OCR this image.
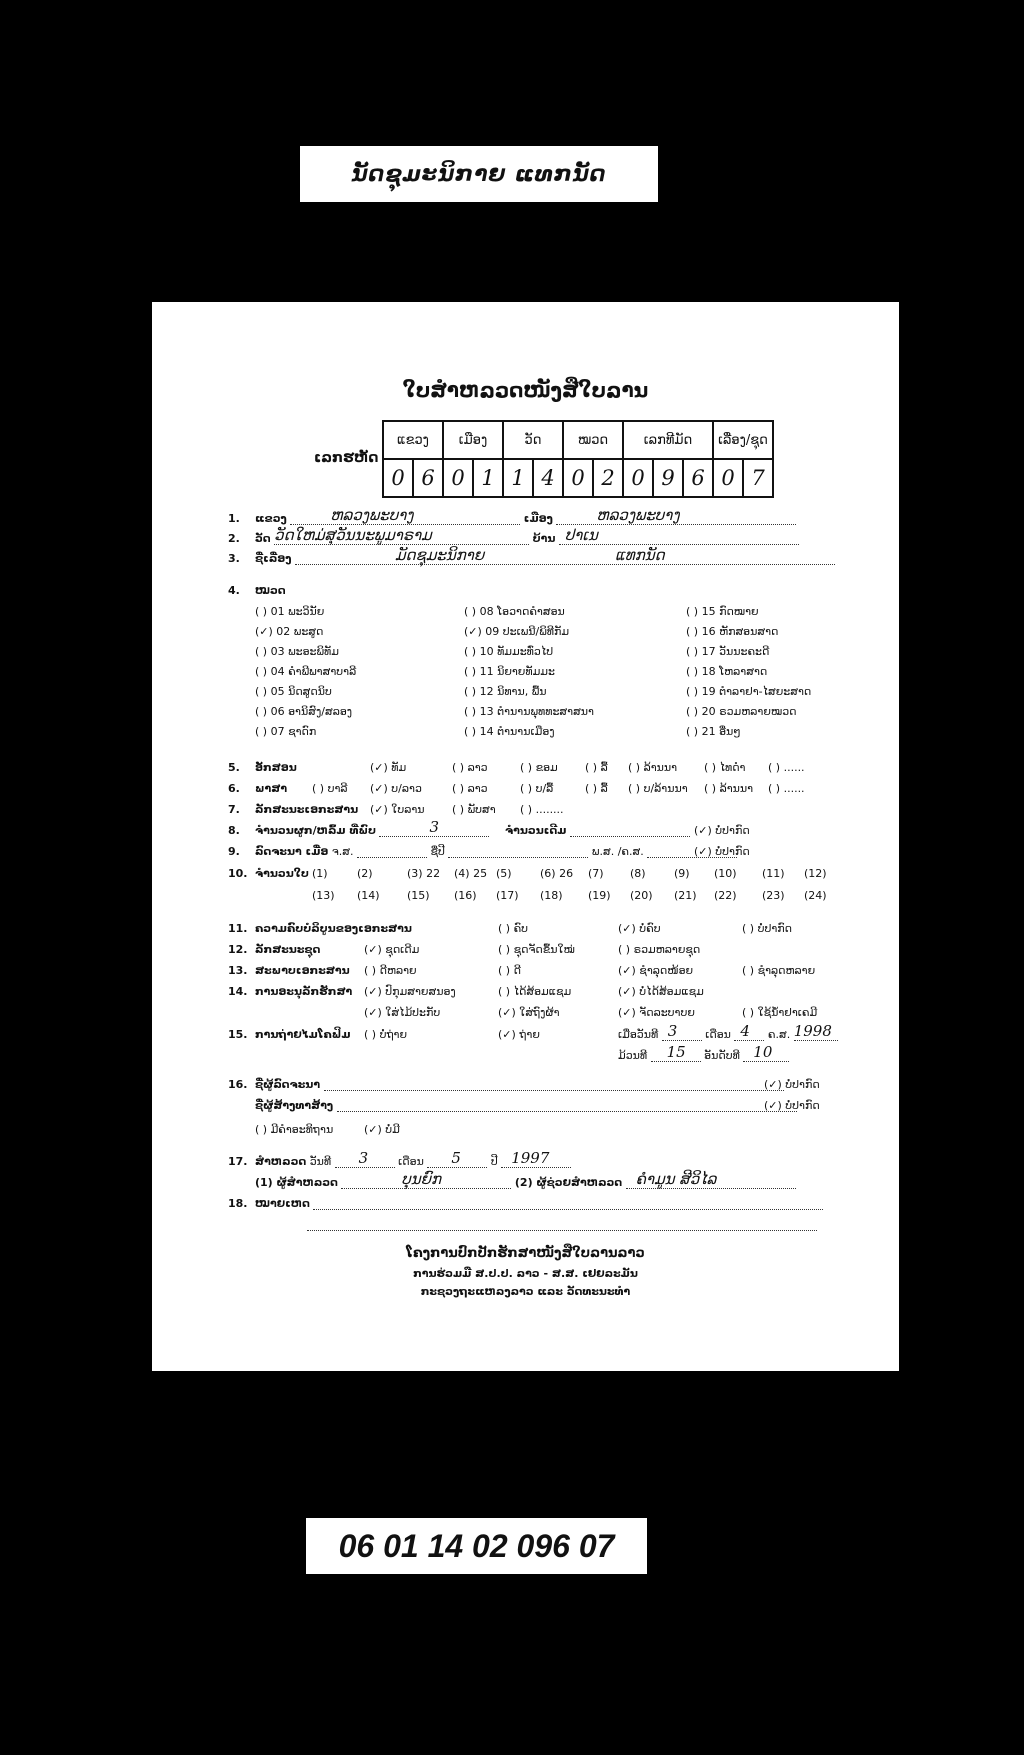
ນັດຊຸມ​ະນິກາຍ ແທກນັດ
ໃບສຳຫລວດໜັງສືໃບລານ
ເລກຮຫັດ
ແຂວງ		ເມືອງ		ວັດ		ໝວດ		ເລກທີມັດ			ເລື່ອງ/ຊຸດ	
0	6	0	1	1	4	0	2	0	9	6	0	7
1. ແຂວງ	ຫລວງພະບາງ	ເມືອງ	ຫລວງພະບາງ
2. ວັດ ວັດໃຫມ່ສຸວັນນະພູມາຣາມ	ບ້ານ ປາເນ
3. ຊື່ເລື່ອງ	ມັດຊຸມະນິກາຍ	ແທກນັດ
4. ໝວດ
( ) 01 ພະວິນັຍ
(✓) 02 ພະສູດ
( ) 03 ພະອະພິທັມ
( ) 04 ຄຳພີພາສາບາລີ
( ) 05 ນິດສູດນິບ
( ) 06 ອານິສົງ/ສລອງ
( ) 07 ຊາດົກ
( ) 08 ໂອວາດຄຳສອນ
(✓) 09 ປະເພນີ/ພິທີກັມ
( ) 10 ທັມມະທົ່ວໄປ
( ) 11 ນິຍາຍທັມມະ
( ) 12 ນິທານ, ພື້ນ
( ) 13 ຕຳນານພຸທທະສາສນາ
( ) 14 ຕຳນານເມືອງ
( ) 15 ກົດໝາຍ
( ) 16 ຫັກສອນສາດ
( ) 17 ວັນນະຄະດີ
( ) 18 ໂຫລາສາດ
( ) 19 ຕຳລາຢາ-ໄສຍະສາດ
( ) 20 ຣວມຫລາຍໝວດ
( ) 21 ອື່ນໆ
5. ອັກສອນ	(✓) ທັມ	( ) ລາວ	( ) ຂອມ ( ) ລື້ ( ) ລ້ານນາ ( ) ໄທດຳ ( ) ......
6. ພາສາ ( ) ບາລີ (✓) ບ/ລາວ	( ) ລາວ	( ) ບ/ລື້	( ) ລື້ ( ) ບ/ລ້ານນາ ( ) ລ້ານນາ ( ) ......
7. ລັກສະນະເອກະສານ (✓) ໃບລານ ( ) ພັບສາ ( ) ........
8. ຈຳນວນຜູກ/ຫລົ້ມ ທີ່ພົບ	3	ຈຳນວນເດີມ	(✓) ບໍ່ປາກົດ
9. ລົດຈະນາ ເມື່ອ ຈ.ສ.	ຊື່ປີ	ພ.ສ. /ຄ.ສ.	(✓) ບໍ່ປາກົດ
10. ຈຳນວນໃບ (1)	(2)	(3) 22 (4) 25 (5)	(6) 26 (7) (8)	(9) (10) (11) (12)
(13) (14) (15) (16) (17) (18) (19) (20) (21) (22) (23) (24)
11. ຄວາມຄົບບໍລິບູນຂອງເອກະສານ	( ) ຄົບ	(✓) ບໍ່ຄົບ	( ) ບໍ່ປາກົດ
12. ລັກສະນະຊຸດ	(✓) ຊຸດເດີມ	( ) ຊຸດຈັດຂຶ້ນໃໝ່	( ) ຣວມຫລາຍຊຸດ
13. ສະພາບເອກະສານ ( ) ດີຫລາຍ	( ) ດີ	(✓) ຊຳລຸດໜ້ອຍ	( ) ຊຳລຸດຫລາຍ
14. ການອະນຸລັກຮັກສາ (✓) ປົກຸມສາຍສນອງ	( ) ໄດ້ສ້ອມແຊມ	(✓) ບໍ່ໄດ້ສ້ອມແຊມ
(✓) ໃສ່ໄມ້ປະກັບ	(✓) ໃສ່ຖົງຜ້າ	(✓) ຈັດລະບາບຍ	( ) ໃຊ້ນ້ຳຢາເຄມີ
15. ການຖ່າຍໄມໂຄຟິມ ( ) ບໍ່ຖ່າຍ	(✓) ຖ່າຍ	ເມື່ອວັນທີ 3	ເດືອນ 4 ຄ.ສ. 1998
ມ້ວນທີ 15 ອັນດັບທີ 10
16. ຊື່ຜູ້ລົດຈະນາ	(✓) ບໍ່ປາກົດ
ຊື່ຜູ້ສ້າງທາສ້າງ	(✓) ບໍ່ປາກົດ
( ) ມີຄຳອະທິຖານ	(✓) ບໍ່ມີ
17. ສຳຫລວດ ວັນທີ 3	ເດືອນ 5	ປີ 1997
(1) ຜູ້ສຳຫລວດ	ບຸນຍົກ	(2) ຜູ້ຊ່ວຍສຳຫລວດ ຄຳມູນ ສີວິໄລ
18. ໝາຍເຫດ
ໂຄງການປົກປັກຮັກສາໜັງສືໃບລານລາວ
ການຮ່ວມມື ສ.ປ.ປ. ລາວ - ສ.ສ. ເຢຍລະມັນ
ກະຊວງຖະແຫລງລາວ ແລະ ວັດທະນະທຳ
06 01 14 02 096 07
